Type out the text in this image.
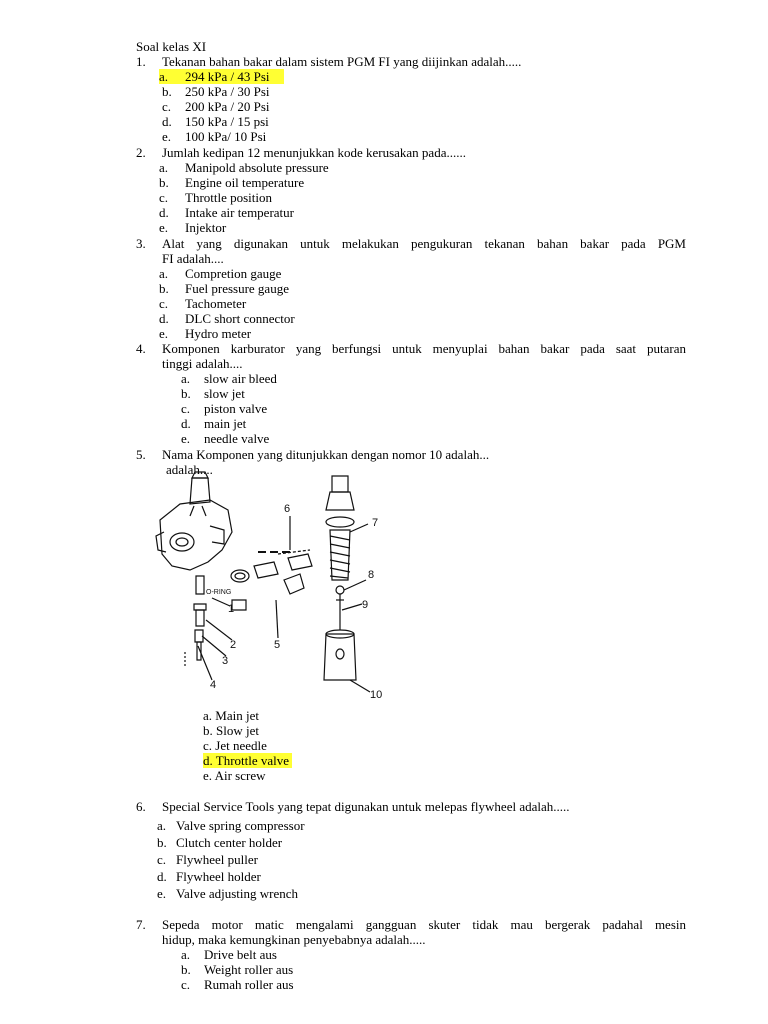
Soal kelas XI
1. Tekanan bahan bakar dalam sistem PGM FI yang diijinkan adalah.....
a. 294 kPa / 43 Psi
b. 250 kPa / 30 Psi
c. 200 kPa / 20 Psi
d. 150 kPa / 15 psi
e. 100 kPa/ 10 Psi
2. Jumlah kedipan 12 menunjukkan kode kerusakan pada......
a. Manipold absolute pressure
b. Engine oil temperature
c. Throttle position
d. Intake air temperatur
e. Injektor
3. Alat yang digunakan untuk melakukan pengukuran tekanan bahan bakar pada PGM
FI adalah....
a. Compretion gauge
b. Fuel pressure gauge
c. Tachometer
d. DLC short connector
e. Hydro meter
4. Komponen karburator yang berfungsi untuk menyuplai bahan bakar pada saat putaran
tinggi adalah....
a. slow air bleed
b. slow jet
c. piston valve
d. main jet
e. needle valve
5. Nama Komponen yang ditunjukkan dengan nomor 10 adalah...
adalah....
6
7
8
9
10
1
2
3
4
5
O-RING
a. Main jet
b. Slow jet
c. Jet needle
d. Throttle valve
e. Air screw
6. Special Service Tools yang tepat digunakan untuk melepas flywheel adalah.....
a. Valve spring compressor
b. Clutch center holder
c. Flywheel puller
d. Flywheel holder
e. Valve adjusting wrench
7. Sepeda motor matic mengalami gangguan skuter tidak mau bergerak padahal mesin
hidup, maka kemungkinan penyebabnya adalah.....
a. Drive belt aus
b. Weight roller aus
c. Rumah roller aus
